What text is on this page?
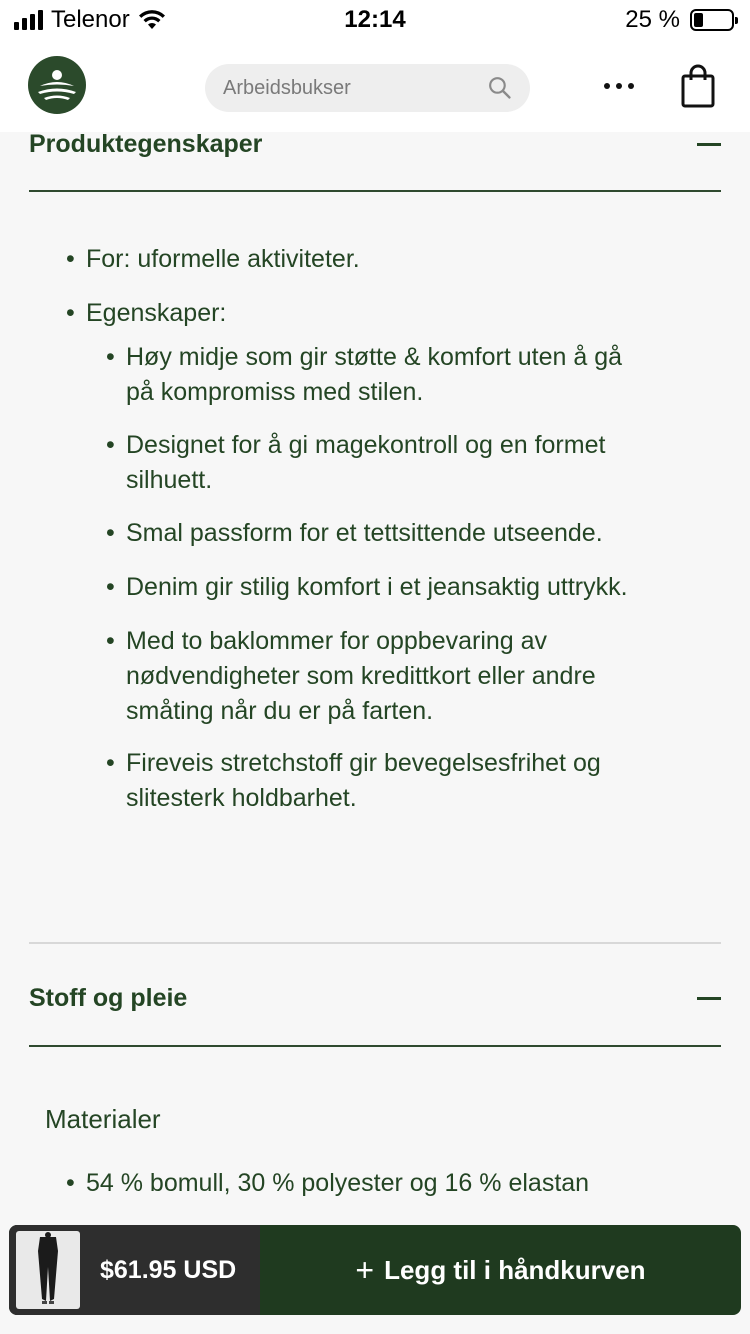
Telenor	12:14	25 %
Arbeidsbukser
Produktegenskaper
• For: uformelle aktiviteter.
• Egenskaper:
• Høy midje som gir støtte & komfort uten å gå
på kompromiss med stilen.
• Designet for å gi magekontroll og en formet
silhuett.
• Smal passform for et tettsittende utseende.
• Denim gir stilig komfort i et jeansaktig uttrykk.
• Med to baklommer for oppbevaring av
nødvendigheter som kredittkort eller andre
småting når du er på farten.
• Fireveis stretchstoff gir bevegelsesfrihet og
slitesterk holdbarhet.
Stoff og pleie
Materialer
• 54 % bomull, 30 % polyester og 16 % elastan
$61.95 USD	+ Legg til i håndkurven
